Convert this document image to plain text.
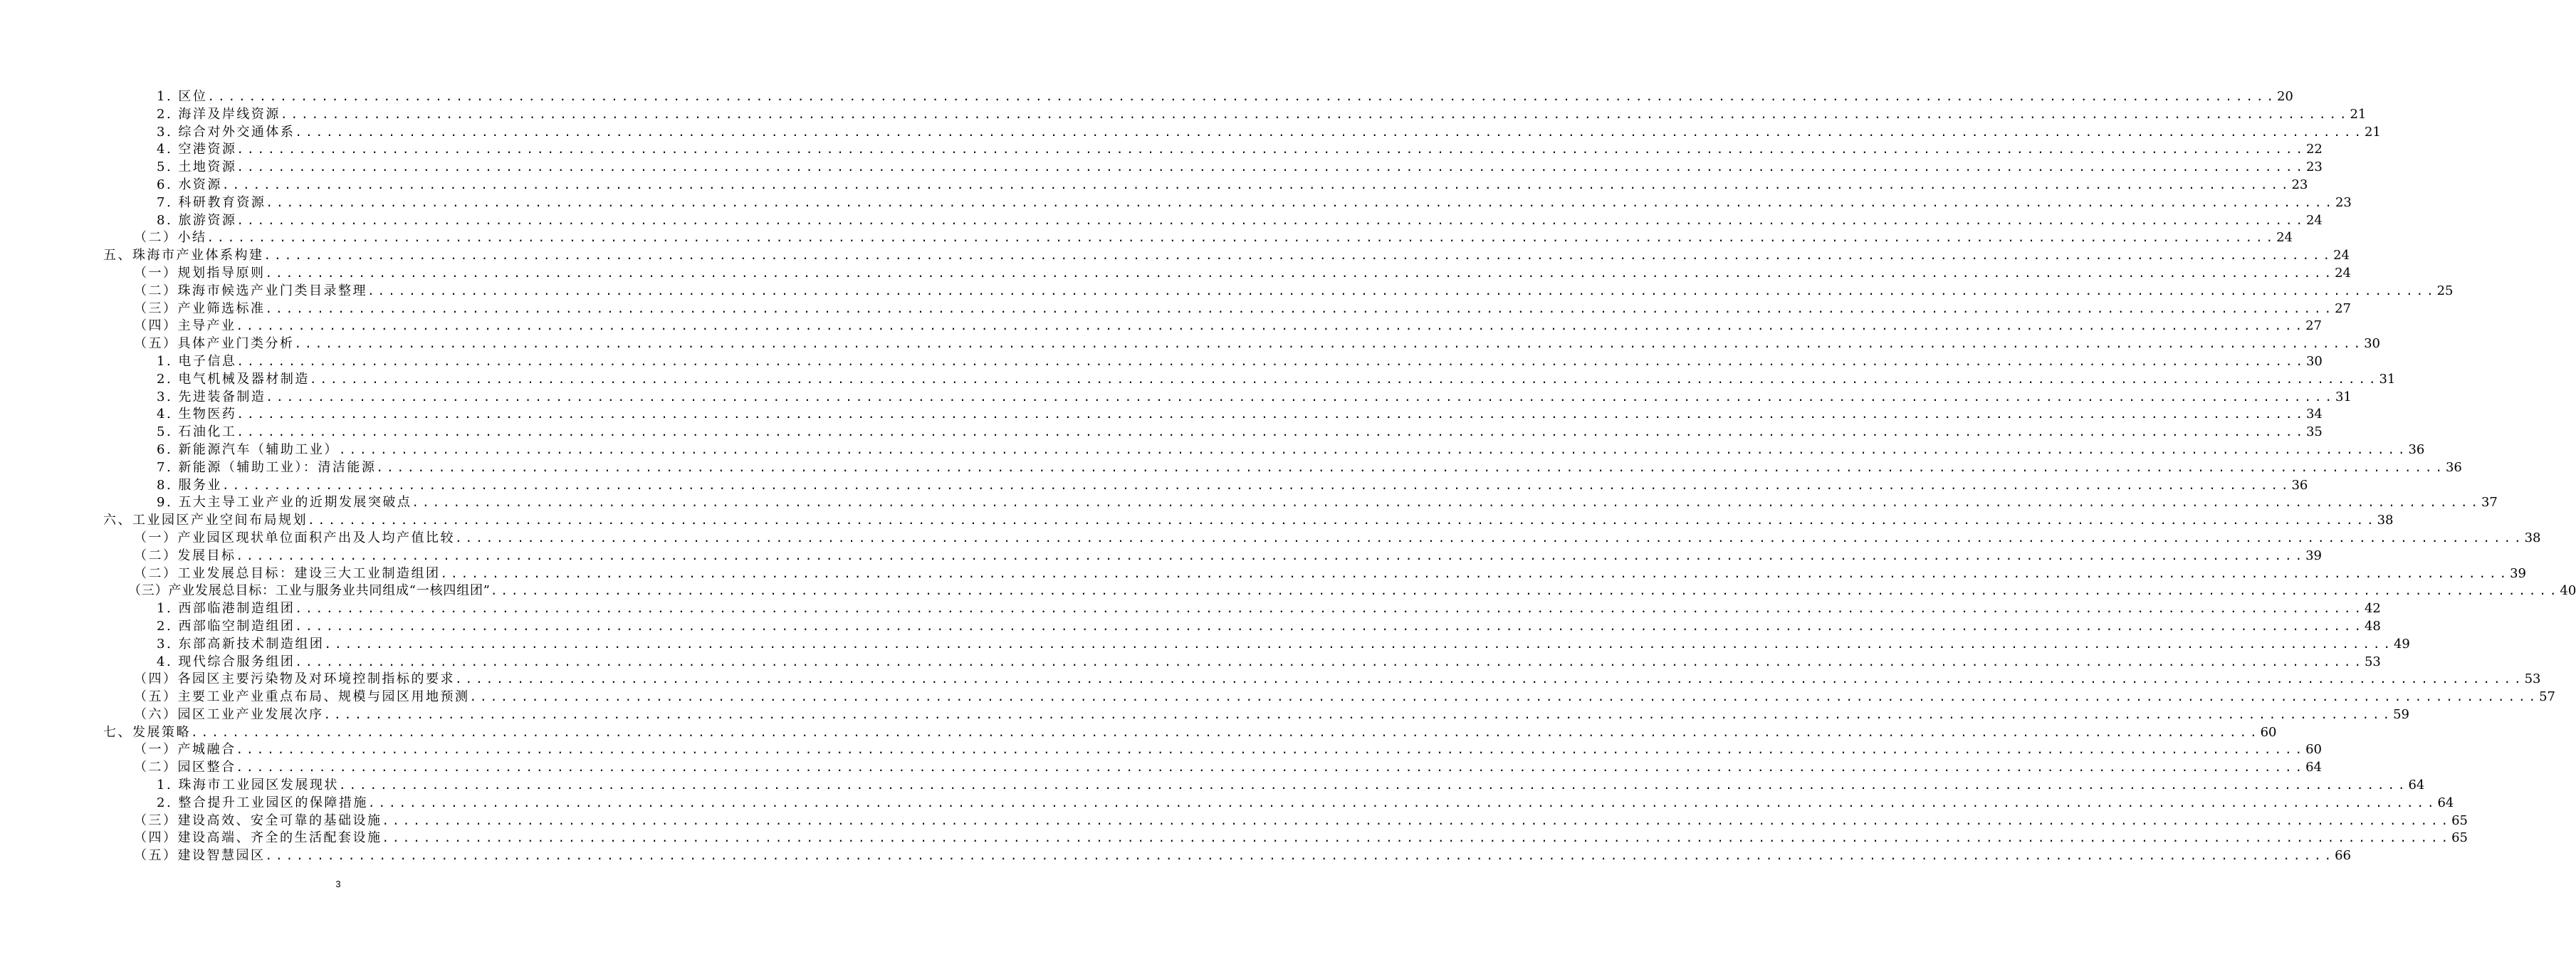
1. 区位 ........................................................................................................................................................................................................ 20
2. 海洋及岸线资源 ........................................................................................................................................................................................................ 21
3. 综合对外交通体系 ........................................................................................................................................................................................................ 21
4. 空港资源 ........................................................................................................................................................................................................ 22
5. 土地资源 ........................................................................................................................................................................................................ 23
6. 水资源 ........................................................................................................................................................................................................ 23
7. 科研教育资源 ........................................................................................................................................................................................................ 23
8. 旅游资源 ........................................................................................................................................................................................................ 24
（二）小结 ........................................................................................................................................................................................................ 24
五、珠海市产业体系构建 ........................................................................................................................................................................................................ 24
（一）规划指导原则 ........................................................................................................................................................................................................ 24
（二）珠海市候选产业门类目录整理 ........................................................................................................................................................................................................ 25
（三）产业筛选标准 ........................................................................................................................................................................................................ 27
（四）主导产业 ........................................................................................................................................................................................................ 27
（五）具体产业门类分析 ........................................................................................................................................................................................................ 30
1. 电子信息 ........................................................................................................................................................................................................ 30
2. 电气机械及器材制造 ........................................................................................................................................................................................................ 31
3. 先进装备制造 ........................................................................................................................................................................................................ 31
4. 生物医药 ........................................................................................................................................................................................................ 34
5. 石油化工 ........................................................................................................................................................................................................ 35
6. 新能源汽车（辅助工业） ........................................................................................................................................................................................................ 36
7. 新能源（辅助工业）：清洁能源 ........................................................................................................................................................................................................ 36
8. 服务业 ........................................................................................................................................................................................................ 36
9. 五大主导工业产业的近期发展突破点 ........................................................................................................................................................................................................ 37
六、工业园区产业空间布局规划 ........................................................................................................................................................................................................ 38
（一）产业园区现状单位面积产出及人均产值比较 ........................................................................................................................................................................................................ 38
（二）发展目标 ........................................................................................................................................................................................................ 39
（二）工业发展总目标：建设三大工业制造组团 ........................................................................................................................................................................................................ 39
（三）产业发展总目标：工业与服务业共同组成“一核四组团” ........................................................................................................................................................................................................ 40
1. 西部临港制造组团 ........................................................................................................................................................................................................ 42
2. 西部临空制造组团 ........................................................................................................................................................................................................ 48
3. 东部高新技术制造组团 ........................................................................................................................................................................................................ 49
4. 现代综合服务组团 ........................................................................................................................................................................................................ 53
（四）各园区主要污染物及对环境控制指标的要求 ........................................................................................................................................................................................................ 53
（五）主要工业产业重点布局、规模与园区用地预测 ........................................................................................................................................................................................................ 57
（六）园区工业产业发展次序 ........................................................................................................................................................................................................ 59
七、发展策略 ........................................................................................................................................................................................................ 60
（一）产城融合 ........................................................................................................................................................................................................ 60
（二）园区整合 ........................................................................................................................................................................................................ 64
1. 珠海市工业园区发展现状 ........................................................................................................................................................................................................ 64
2. 整合提升工业园区的保障措施 ........................................................................................................................................................................................................ 64
（三）建设高效、安全可靠的基础设施 ........................................................................................................................................................................................................ 65
（四）建设高端、齐全的生活配套设施 ........................................................................................................................................................................................................ 65
（五）建设智慧园区 ........................................................................................................................................................................................................ 66
3
